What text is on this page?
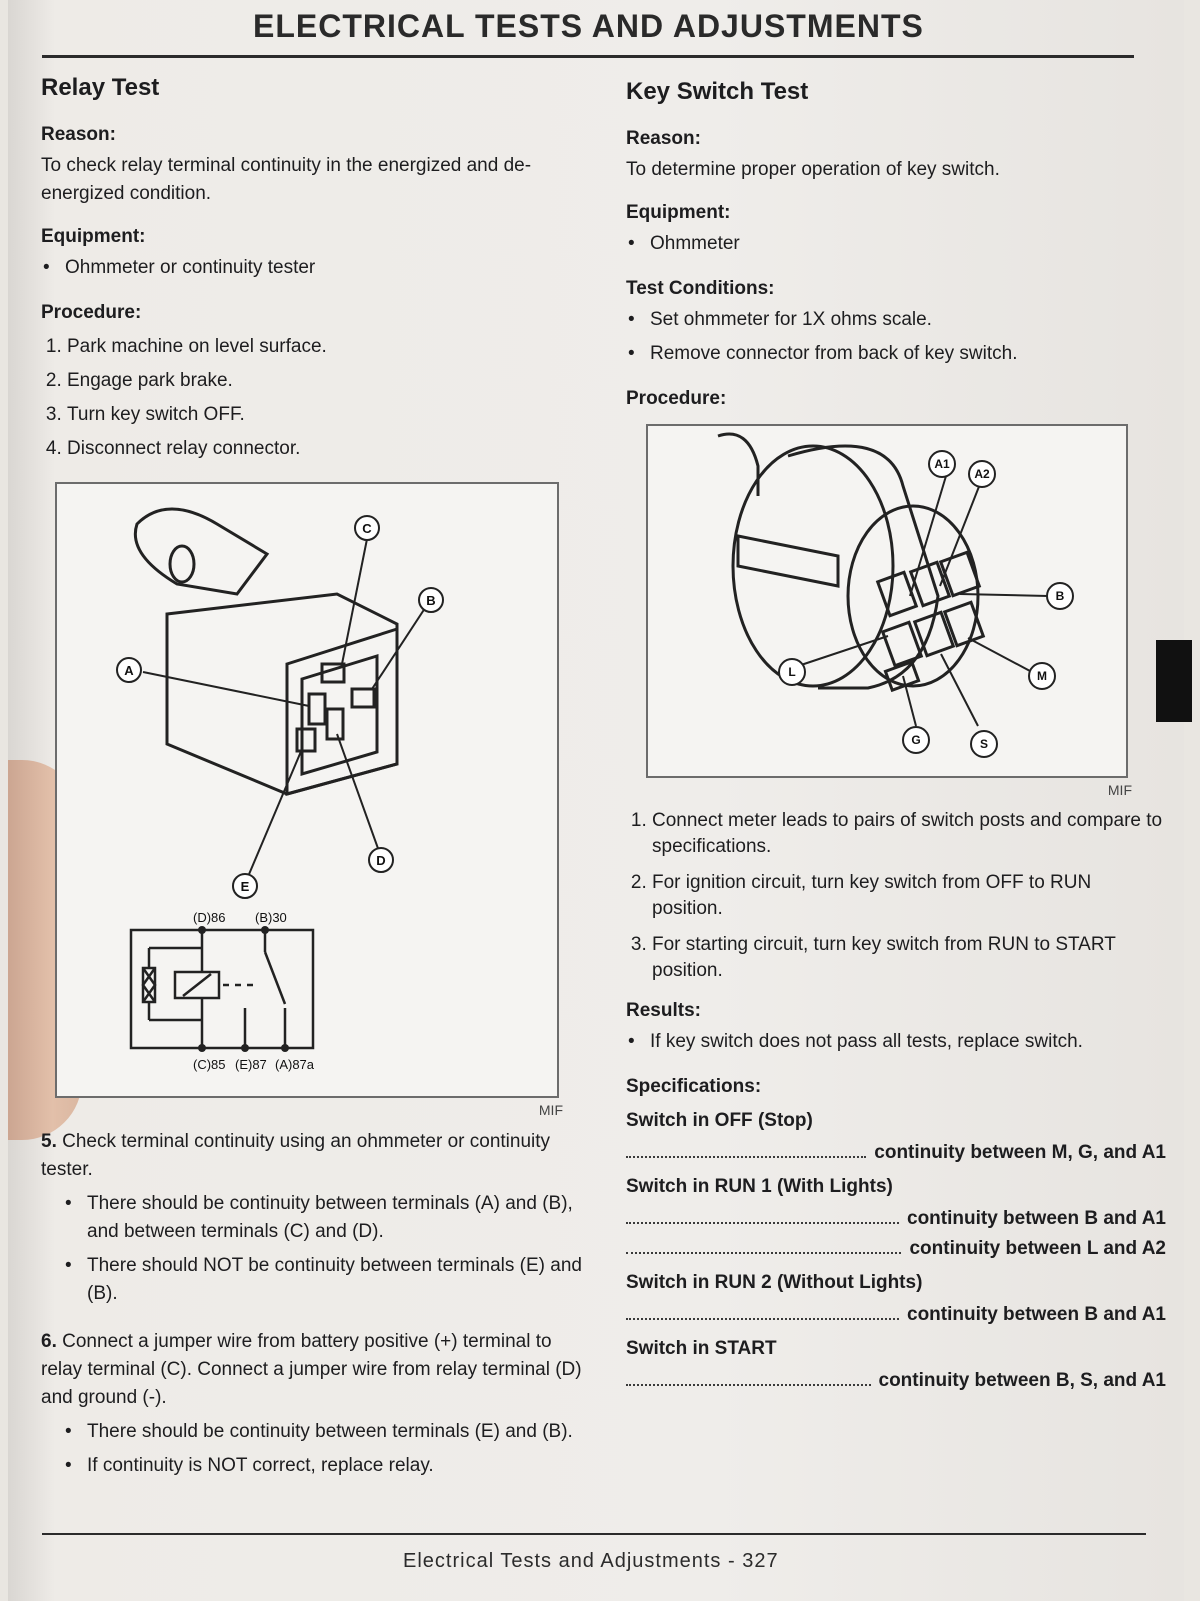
ELECTRICAL TESTS AND ADJUSTMENTS
Relay Test
Reason:

To check relay terminal continuity in the energized and de-energized condition.

Equipment:
• Ohmmeter or continuity tester
Procedure:
1. Park machine on level surface.
2. Engage park brake.
3. Turn key switch OFF.
4. Disconnect relay connector.
C
B
A
D
E
(D)86 (B)30
(C)85 (E)87 (A)87a
MIF

5. Check terminal continuity using an ohmmeter or continuity tester.

• There should be continuity between terminals (A) and (B), and between terminals (C) and (D).
• There should NOT be continuity between terminals (E) and (B).

6. Connect a jumper wire from battery positive (+) terminal to relay terminal (C). Connect a jumper wire from relay terminal (D) and ground (-).

• There should be continuity between terminals (E) and (B).
• If continuity is NOT correct, replace relay.
Key Switch Test
Reason:

To determine proper operation of key switch.

Equipment:
• Ohmmeter
Test Conditions:
• Set ohmmeter for 1X ohms scale.
• Remove connector from back of key switch.
Procedure:
A1
A2
B
M
S
G
L
MIF
1. Connect meter leads to pairs of switch posts and compare to specifications.
2. For ignition circuit, turn key switch from OFF to RUN position.
3. For starting circuit, turn key switch from RUN to START position.
Results:
• If key switch does not pass all tests, replace switch.
Specifications:
Switch in OFF (Stop)
continuity between M, G, and A1
Switch in RUN 1 (With Lights)
continuity between B and A1
continuity between L and A2
Switch in RUN 2 (Without Lights)
continuity between B and A1
Switch in START
continuity between B, S, and A1
Electrical Tests and Adjustments - 327
